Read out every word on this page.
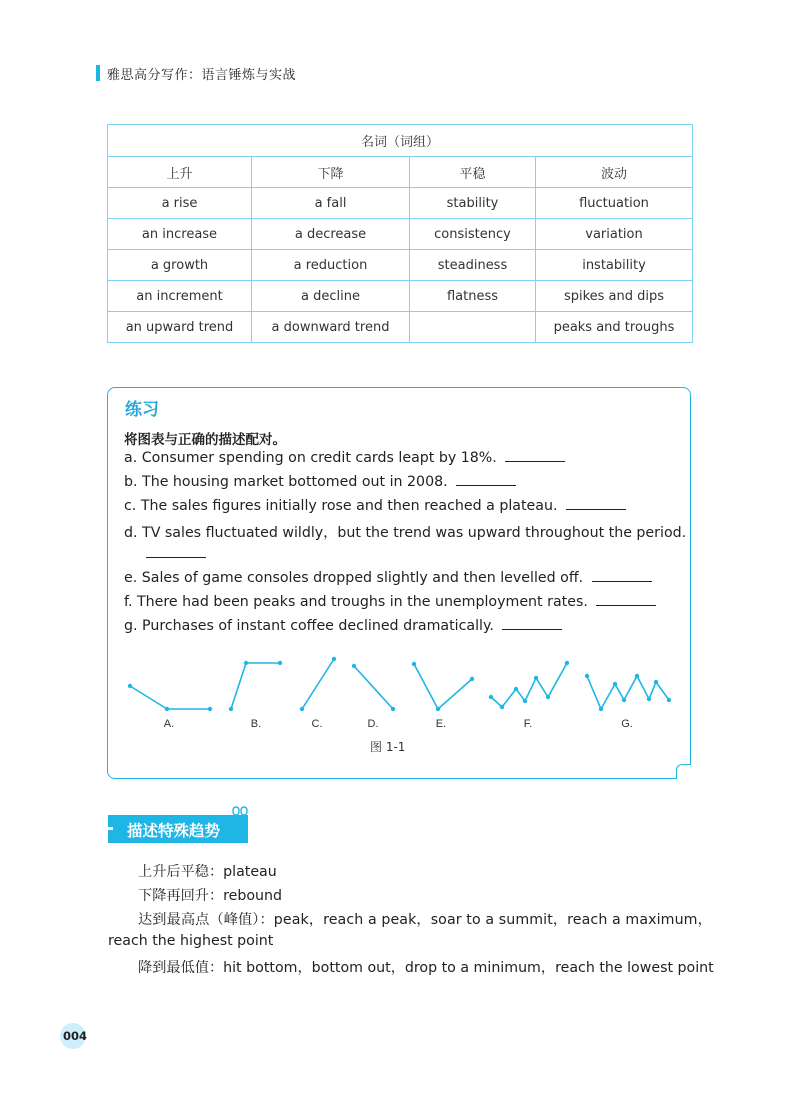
雅思高分写作：语言锤炼与实战
名词（词组）			
上升	下降	平稳	波动
a rise	a fall	stability	fluctuation
an increase	a decrease	consistency	variation
a growth	a reduction	steadiness	instability
an increment	a decline	flatness	spikes and dips
an upward trend	a downward trend		peaks and troughs
练习
将图表与正确的描述配对。
a. Consumer spending on credit cards leapt by 18%.
b. The housing market bottomed out in 2008.
c. The sales figures initially rose and then reached a plateau.
d. TV sales fluctuated wildly，but the trend was upward throughout the period.
e. Sales of game consoles dropped slightly and then levelled off.
f. There had been peaks and troughs in the unemployment rates.
g. Purchases of instant coffee declined dramatically.
A.	B.	C.	D.	E.	F.	G.
图 1-1
描述特殊趋势
上升后平稳：plateau
下降再回升：rebound
达到最高点（峰值）：peak，reach a peak，soar to a summit，reach a maximum，
reach the highest point
降到最低值：hit bottom，bottom out，drop to a minimum，reach the lowest point
004
